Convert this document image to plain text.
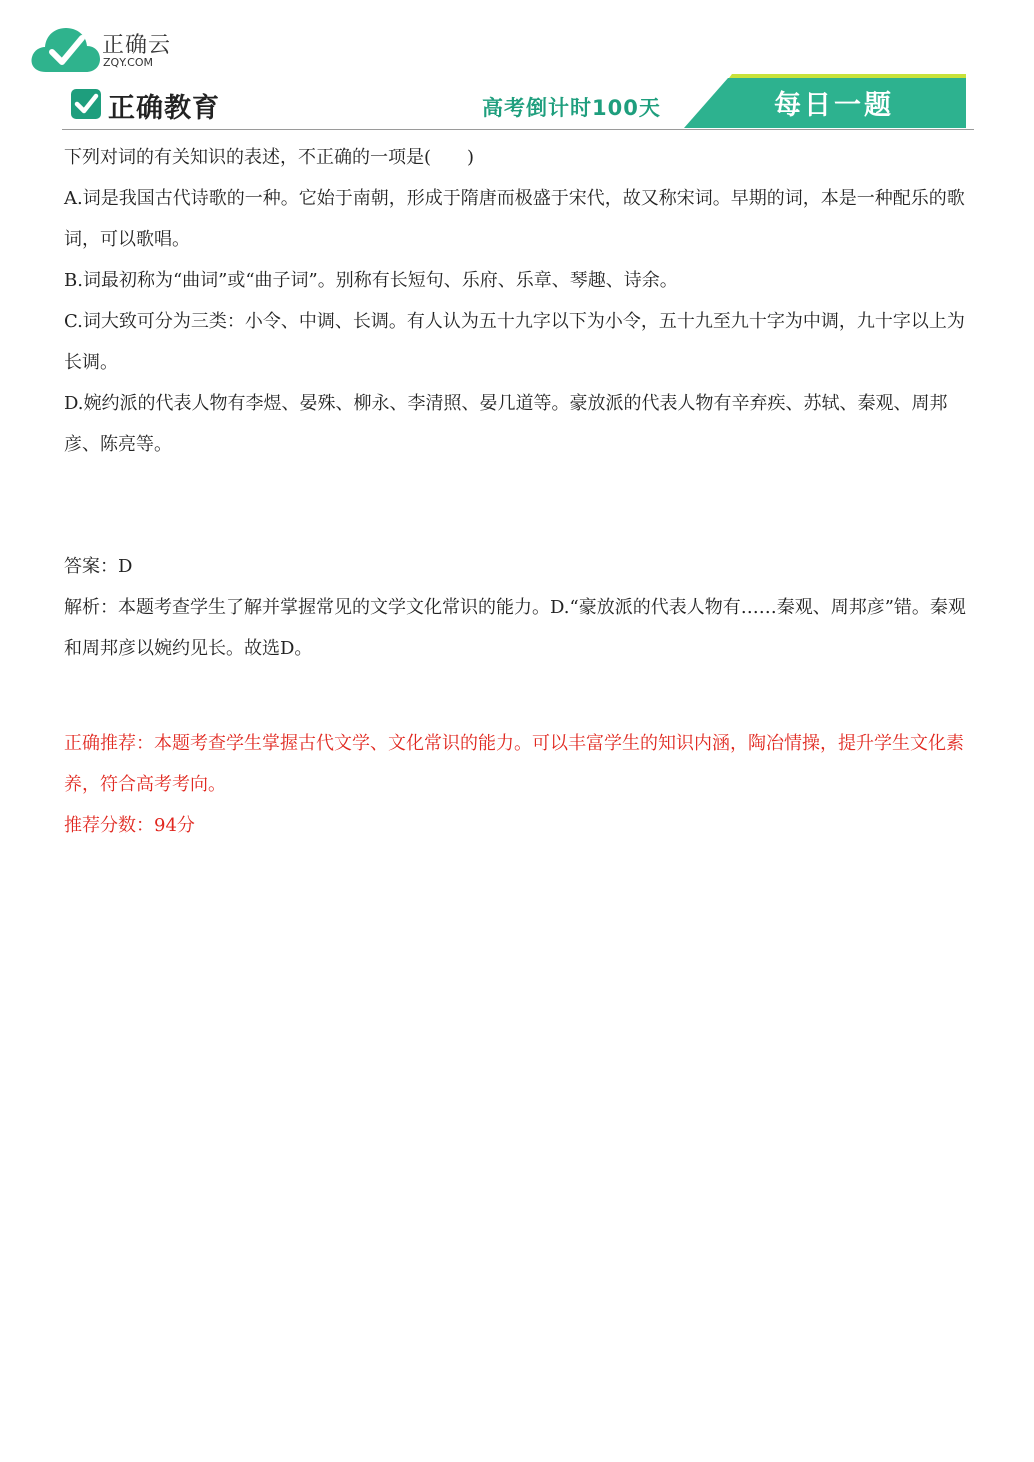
正确云
ZQY.COM
正确教育	高考倒计时100天	每日一题

下列对词的有关知识的表述，不正确的一项是(　　)

A.词是我国古代诗歌的一种。它始于南朝，形成于隋唐而极盛于宋代，故又称宋词。早期的词，本是一种配乐的歌词，可以歌唱。

B.词最初称为“曲词”或“曲子词”。别称有长短句、乐府、乐章、琴趣、诗余。

C.词大致可分为三类：小令、中调、长调。有人认为五十九字以下为小令，五十九至九十字为中调，九十字以上为长调。

D.婉约派的代表人物有李煜、晏殊、柳永、李清照、晏几道等。豪放派的代表人物有辛弃疾、苏轼、秦观、周邦彦、陈亮等。

答案：D

解析：本题考查学生了解并掌握常见的文学文化常识的能力。D.“豪放派的代表人物有……秦观、周邦彦”错。秦观和周邦彦以婉约见长。故选D。

正确推荐：本题考查学生掌握古代文学、文化常识的能力。可以丰富学生的知识内涵，陶冶情操，提升学生文化素养，符合高考考向。

推荐分数：94分
